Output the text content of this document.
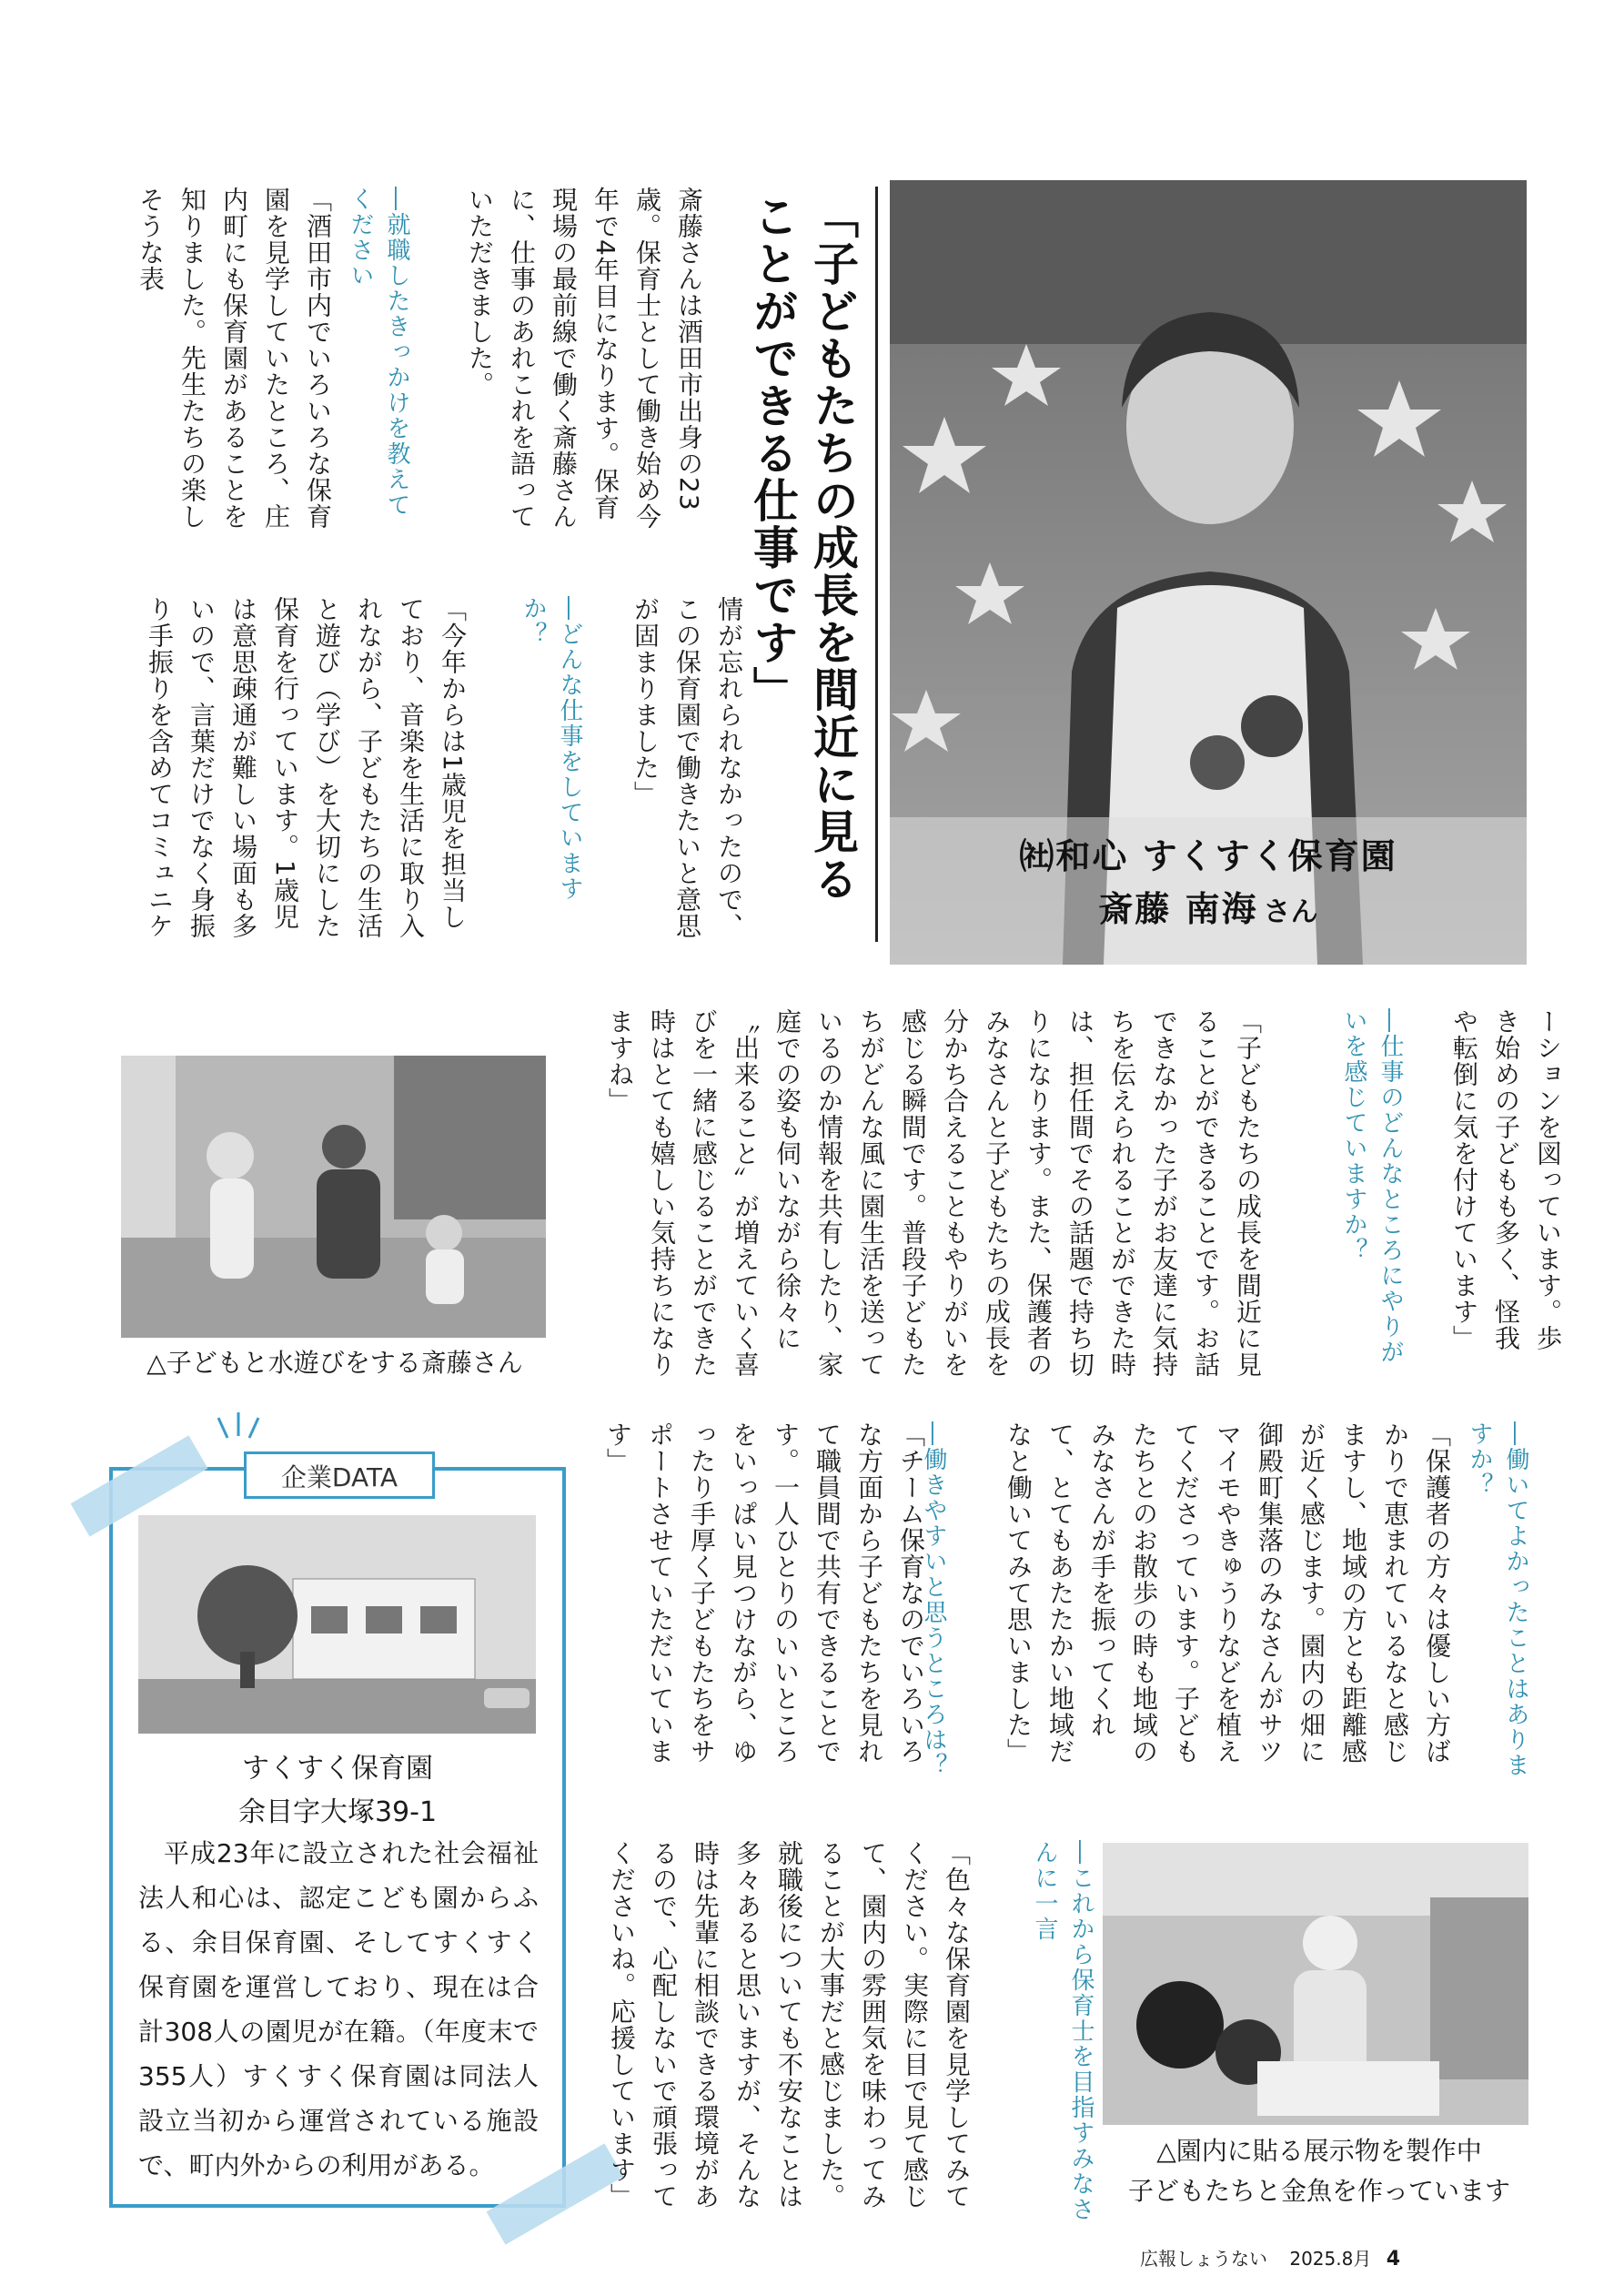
「子どもたちの成長を間近に見ることができる仕事です」
㈳和心 すくすく保育園
斎藤 南海 さん

斎藤さんは酒田市出身の23歳。保育士として働き始め今年で4年目になります。保育現場の最前線で働く斎藤さんに、仕事のあれこれを語っていただきました。

―就職したきっかけを教えてください

「酒田市内でいろいろな保育園を見学していたところ、庄内町にも保育園があることを知りました。先生たちの楽しそうな表

情が忘れられなかったので、この保育園で働きたいと意思が固まりました」

―どんな仕事をしていますか？

「今年からは1歳児を担当しており、音楽を生活に取り入れながら、子どもたちの生活と遊び（学び）を大切にした保育を行っています。1歳児は意思疎通が難しい場面も多いので、言葉だけでなく身振り手振りを含めてコミュニケ

ーションを図っています。歩き始めの子どもも多く、怪我や転倒に気を付けています」

―仕事のどんなところにやりがいを感じていますか？

「子どもたちの成長を間近に見ることができることです。お話できなかった子がお友達に気持ちを伝えられることができた時は、担任間でその話題で持ち切りになります。また、保護者のみなさんと子どもたちの成長を分かち合えることもやりがいを感じる瞬間です。普段子どもたちがどんな風に園生活を送っているのか情報を共有したり、家庭での姿も伺いながら徐々に〝出来ること〟が増えていく喜びを一緒に感じることができた時はとても嬉しい気持ちになりますね」

△子どもと水遊びをする斎藤さん
企業DATA
すくすく保育園
余目字大塚39-1
平成23年に設立された社会福祉法人和心は、認定こども園からふる、余目保育園、そしてすくすく保育園を運営しており、現在は合計308人の園児が在籍。（年度末で355人）すくすく保育園は同法人設立当初から運営されている施設で、町内外からの利用がある。

―働いてよかったことはありますか？

「保護者の方々は優しい方ばかりで恵まれているなと感じますし、地域の方とも距離感が近く感じます。園内の畑に御殿町集落のみなさんがサツマイモやきゅうりなどを植えてくださっています。子どもたちとのお散歩の時も地域のみなさんが手を振ってくれて、とてもあたたかい地域だなと働いてみて思いました」

―働きやすいと思うところは？

「チーム保育なのでいろいろな方面から子どもたちを見れて職員間で共有できることです。一人ひとりのいいところをいっぱい見つけながら、ゆったり手厚く子どもたちをサポートさせていただいています」

―これから保育士を目指すみなさんに一言

「色々な保育園を見学してみてください。実際に目で見て感じて、園内の雰囲気を味わってみることが大事だと感じました。就職後についても不安なことは多々あると思いますが、そんな時は先輩に相談できる環境があるので、心配しないで頑張ってくださいね。応援しています」	△園内に貼る展示物を製作中
子どもたちと金魚を作っています
広報しょうない 2025.8月 4
